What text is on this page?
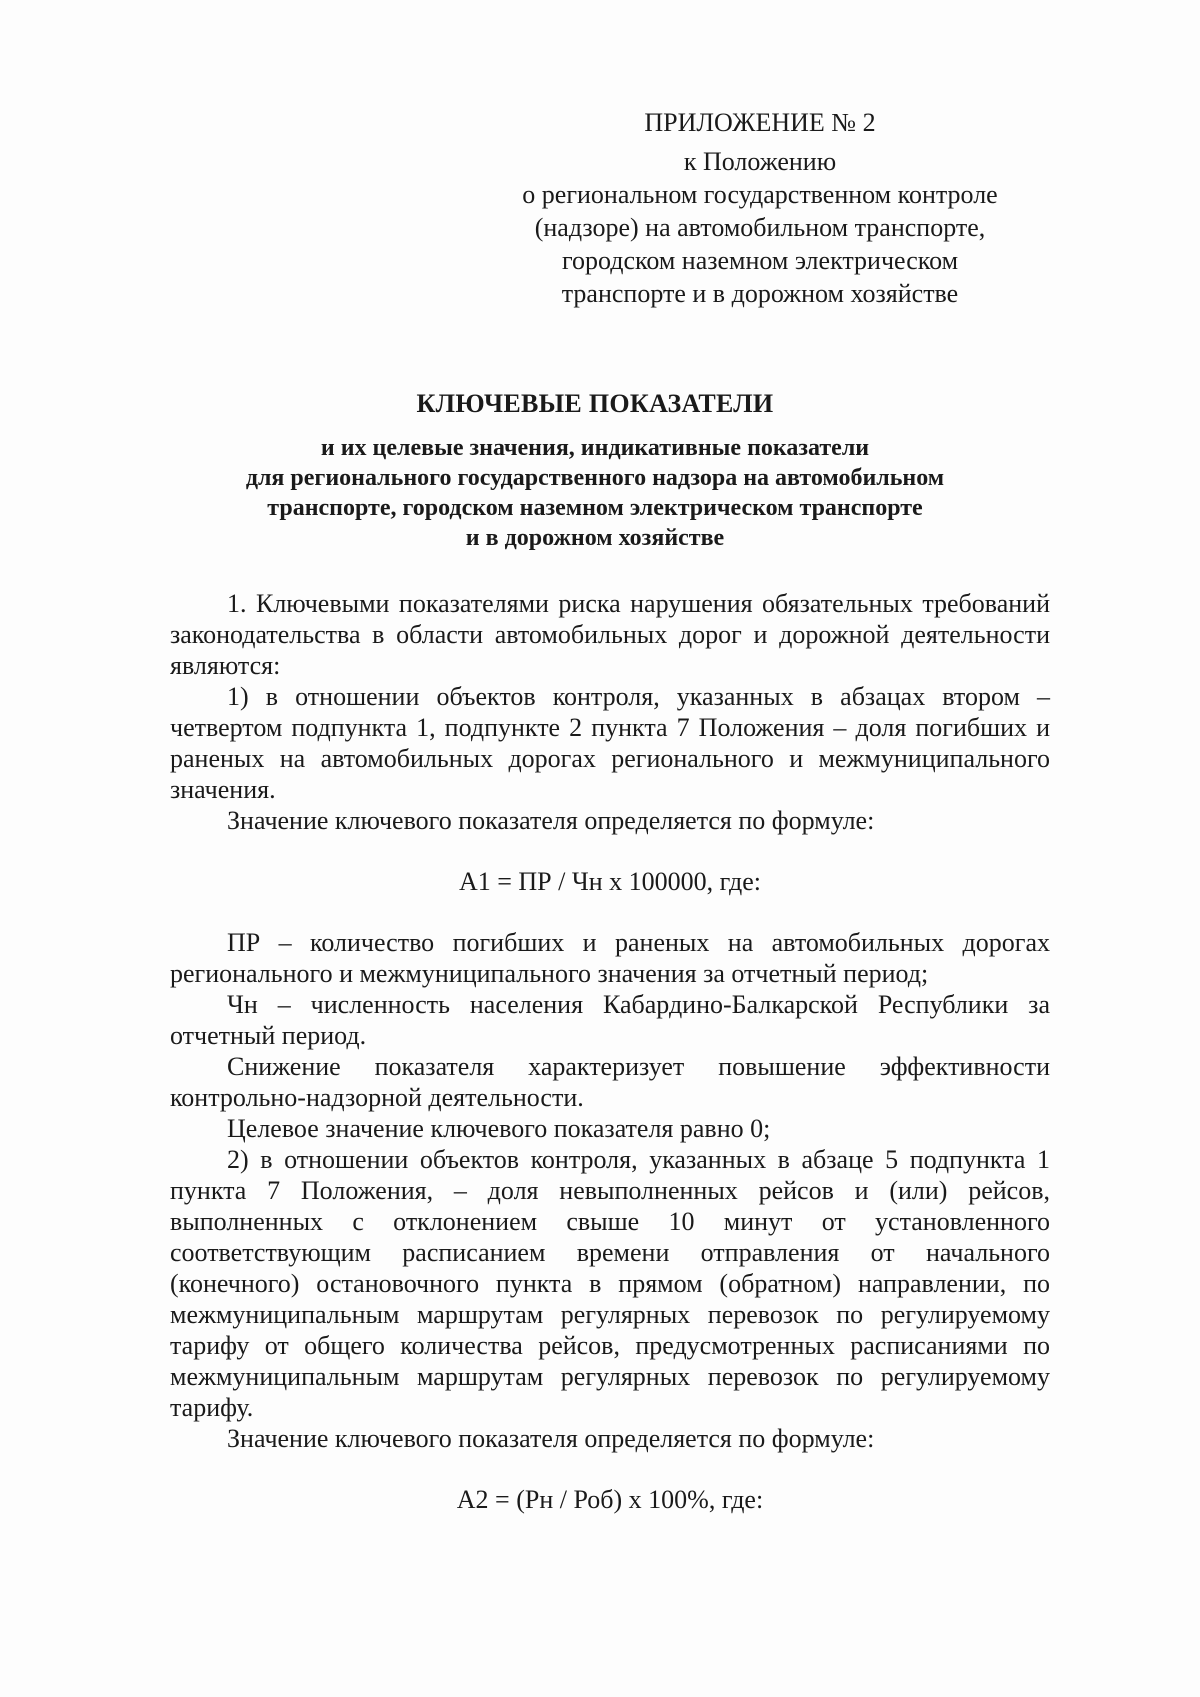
ПРИЛОЖЕНИЕ № 2
к Положению
о региональном государственном контроле
(надзоре) на автомобильном транспорте,
городском наземном электрическом
транспорте и в дорожном хозяйстве
КЛЮЧЕВЫЕ ПОКАЗАТЕЛИ
и их целевые значения, индикативные показатели
для регионального государственного надзора на автомобильном
транспорте, городском наземном электрическом транспорте
и в дорожном хозяйстве

1. Ключевыми показателями риска нарушения обязательных требований законодательства в области автомобильных дорог и дорожной деятельности являются:

1) в отношении объектов контроля, указанных в абзацах втором – четвертом подпункта 1, подпункте 2 пункта 7 Положения – доля погибших и раненых на автомобильных дорогах регионального и межмуниципального значения.

Значение ключевого показателя определяется по формуле:

А1 = ПР / Чн x 100000, где:

ПР – количество погибших и раненых на автомобильных дорогах регионального и межмуниципального значения за отчетный период;

Чн – численность населения Кабардино-Балкарской Республики за отчетный период.

Снижение показателя характеризует повышение эффективности контрольно-надзорной деятельности.

Целевое значение ключевого показателя равно 0;

2) в отношении объектов контроля, указанных в абзаце 5 подпункта 1 пункта 7 Положения, – доля невыполненных рейсов и (или) рейсов, выполненных с отклонением свыше 10 минут от установленного соответствующим расписанием времени отправления от начального (конечного) остановочного пункта в прямом (обратном) направлении, по межмуниципальным маршрутам регулярных перевозок по регулируемому тарифу от общего количества рейсов, предусмотренных расписаниями по межмуниципальным маршрутам регулярных перевозок по регулируемому тарифу.

Значение ключевого показателя определяется по формуле:

А2 = (Рн / Роб) x 100%, где:
